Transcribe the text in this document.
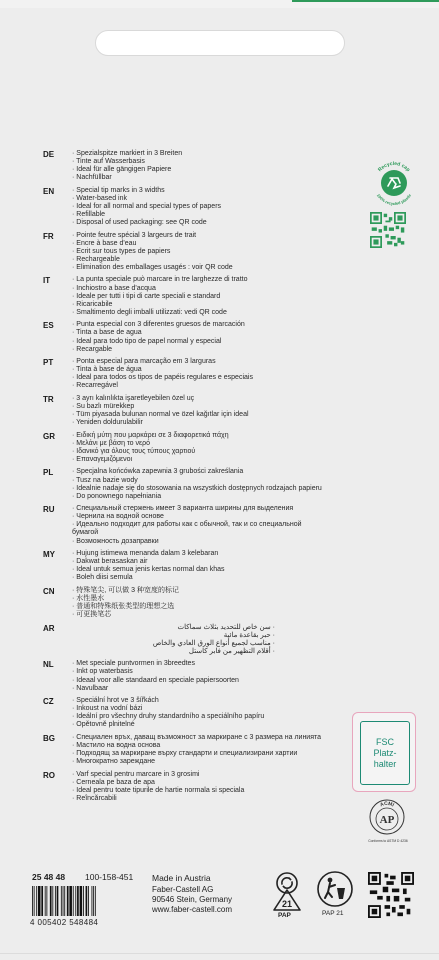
DE	· Spezialspitze markiert in 3 Breiten
· Tinte auf Wasserbasis
· Ideal für alle gängigen Papiere
· Nachfüllbar
EN	· Special tip marks in 3 widths
· Water-based ink
· Ideal for all normal and special types of papers
· Refillable
· Disposal of used packaging: see QR code
FR	· Pointe feutre spécial 3 largeurs de trait
· Encre à base d'eau
· Ecrit sur tous types de papiers
· Rechargeable
· Elimination des emballages usagés : voir QR code
IT	· La punta speciale può marcare in tre larghezze di tratto
· Inchiostro a base d'acqua
· Ideale per tutti i tipi di carte speciali e standard
· Ricaricabile
· Smaltimento degli imballi utilizzati: vedi QR code
ES	· Punta especial con 3 diferentes gruesos de marcación
· Tinta a base de agua
· Ideal para todo tipo de papel normal y especial
· Recargable
PT	· Ponta especial para marcação em 3 larguras
· Tinta à base de água
· Ideal para todos os tipos de papéis regulares e especiais
· Recarregável
TR	· 3 ayrı kalınlıkta işaretleyebilen özel uç
· Su bazlı mürekkep
· Tüm piyasada bulunan normal ve özel kağıtlar için ideal
· Yeniden doldurulabilir
GR	· Ειδική μύτη που μαρκάρει σε 3 διαφορετικά πάχη
· Μελάνι με βάση το νερό
· Ιδανικό για όλους τους τύπους χαρτιού
· Επαναγεμιζόμενοι
PL	· Specjalna końcówka zapewnia 3 grubości zakreślania
· Tusz na bazie wody
· Idealnie nadaje się do stosowania na wszystkich dostępnych rodzajach papieru
· Do ponownego napełniania
RU	· Специальный стержень имеет 3 варианта ширины для выделения
· Чернила на водной основе
· Идеально подходит для работы как с обычной, так и со специальной
бумагой
· Возможность дозаправки
MY	· Hujung istimewa menanda dalam 3 kelebaran
· Dakwat berasaskan air
· Ideal untuk semua jenis kertas normal dan khas
· Boleh diisi semula
CN	· 特殊笔尖, 可以做 3 种宽度的标记
· 水性墨水
· 普通和特殊纸张类型的理想之选
· 可更换笔芯
AR	· سن خاص للتحديد بثلاث سماكات
· حبر بقاعدة مائية
· مناسب لجميع أنواع الورق العادي والخاص
· أقلام التظهير من فابر كاستل
NL	· Met speciale puntvormen in 3breedtes
· Inkt op waterbasis
· Ideaal voor alle standaard en speciale papiersoorten
· Navulbaar
CZ	· Speciální hrot ve 3 šířkách
· Inkoust na vodní bázi
· Ideální pro všechny druhy standardního a speciálního papíru
· Opětovně plnitelné
BG	· Специален връх, даващ възможност за маркиране с 3 размера на линията
· Мастило на водна основа
· Подходящ за маркиране върху стандарти и специализирани хартии
· Многократно зареждане
RO	· Varf special pentru marcare in 3 grosimi
· Cerneala pe baza de apa
· Ideal pentru toate tipurile de hartie normala si speciala
· Reîncărcabili
Recycled cap
100% recycled plastic
FSC
Platz-
halter
AP
ACMI
Conforms to ASTM D 4236
25 48 48 100-158-451
4 005402 548484
Made in Austria
Faber-Castell AG
90546 Stein, Germany
www.faber-castell.com
21
PAP	PAP 21
